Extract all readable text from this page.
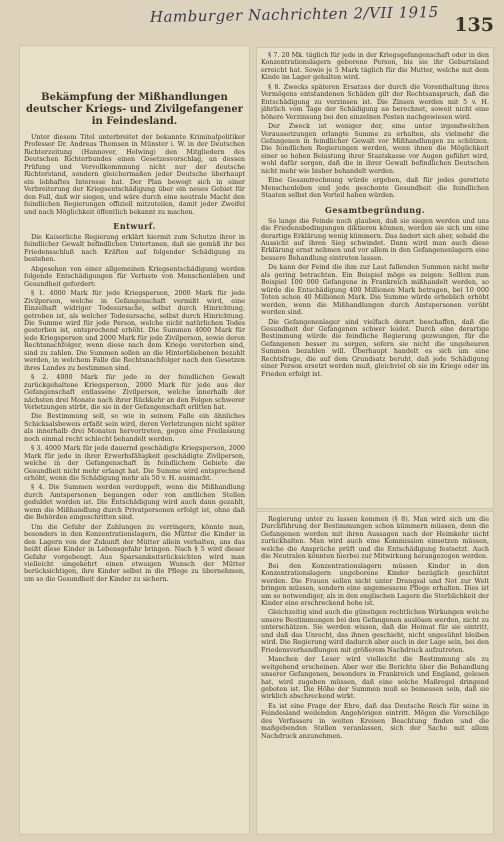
Hamburger Nachrichten 2/VII 1915 135
Bekämpfung der Mißhandlungen deutscher Kriegs- und Zivilgefangener in Feindesland.

Unter diesem Titel unterbreitet der bekannte Kriminalpolitiker Professor Dr. Andreas Thomsen in Münster i. W. in der Deutschen Richterzeitung (Hannover, Helwing) den Mitgliedern des Deutschen Richterbundes einen Gesetzesvorschlag, an dessen Prüfung und Vervollkommnung nicht nur der deutsche Richterstand, sondern gleichermaßen jeder Deutsche überhaupt ein lebhaftes Interesse hat. Der Plan bewegt sich in einer Verbreiterung der Kriegsentschädigung über ein neues Gebiet für den Fall, daß wir siegen, und wäre durch eine neutrale Macht den feindlichen Regierungen offiziell mitzuteilen, damit jeder Zweifel und nach Möglichkeit öffentlich bekannt zu machen.

Entwurf.

Die Kaiserliche Regierung erklärt hiermit zum Schutze ihrer in feindlicher Gewalt befindlichen Untertanen, daß sie gemäß ihr bei Friedensschluß nach Kräften auf folgender Schädigung zu bestehen.

Abgesehen von einer allgemeinen Kriegsentschädigung werden folgende Entschädigungen für Verluste von Menschenleben und Gesundheit gefordert:

§ 1. 4000 Mark für jede Kriegsperson, 2000 Mark für jede Zivilperson, welche in Gefangenschaft vermißt wird, eine Einzelhaft widriger Todesursache, selbst durch Hinrichtung, getroben ist, als welcher Todesursache, selbst durch Hinrichtung. Die Summe wird für jede Person, welche nicht natürlichen Todes gestorben ist, entsprechend erhöht. Die Summen 4000 Mark für jede Kriegsperson und 2000 Mark für jede Zivilperson, sowie deren Rechtsnachfolger, wenn diese nach dem Kriege verstorben sind, sind zu zahlen. Die Summen sollen an die Hinterbliebenen bezahlt werden, in welchem Falle die Rechtsnachfolger nach den Gesetzen ihres Landes zu bestimmen sind.

§ 2. 4000 Mark für jede in der feindlichen Gewalt zurückgehaltene Kriegsperson, 2000 Mark für jede aus der Gefangenschaft entlassene Zivilperson, welche innerhalb der nächsten drei Monate nach ihrer Rückkehr an den Folgen schwerer Verletzungen stirbt, die sie in der Gefangenschaft erlitten hat.

Die Bestimmung soll, so wie in seinem Falle ein ähnliches Schicksalsbeweis erfaßt sein wird, deren Verletzungen nicht später als innerhalb drei Monaten hervortreten, gegen eine Freilassung noch einmal recht schlecht behandelt werden.

§ 3. 4000 Mark für jede dauernd geschädigte Kriegsperson, 2000 Mark für jede in ihrer Erwerbsfähigkeit geschädigte Zivilperson, welche in der Gefangenschaft in feindlichem Gebiete die Gesundheit nicht mehr erlangt hat. Die Summe wird entsprechend erhöht, wenn die Schädigung mehr als 50 v. H. ausmacht.

§ 4. Die Summen werden verdoppelt, wenn die Mißhandlung durch Amtspersonen begangen oder von amtlichen Stellen geduldet worden ist. Die Entschädigung wird auch dann gezahlt, wenn die Mißhandlung durch Privatpersonen erfolgt ist, ohne daß die Behörden eingeschritten sind.

Um die Gefahr der Zahlungen zu verringern, könnte man, besonders in den Konzentrationslagern, die Mütter die Kinder in den Lagern von der Zukunft der Mütter allein verhalten, ans das heißt diese Kinder in Lebensgefahr bringen. Nach § 5 wird dieser Gefahr vorgebeugt. Aus Sparsamkeitsrücksichten wird man vielleicht umgekehrt einen etwaigen Wunsch der Mütter berücksichtigen, ihre Kinder selbst in die Pflege zu übernehmen, um so die Gesundheit der Kinder zu sichern.

§ 7. 20 Mk. täglich für jede in der Kriegsgefangenschaft oder in den Konzentrationslagern geborene Person, bis sie ihr Geburtsland erreicht hat. Sowie je 5 Mark täglich für die Mutter, welche mit dem Kinde im Lager gehalten wird.

§ 8. Zwecks späteren Ersatzes der durch die Vorenthaltung ihres Vermögens entstandenen Schäden gilt der Rechtsanspruch, daß die Entschädigung zu verzinsen ist. Die Zinsen werden mit 5 v. H. jährlich vom Tage der Schädigung an berechnet, soweit nicht eine höhere Verzinsung bei den einzelnen Posten nachgewiesen wird.

Der Zweck ist weniger der, eine unter irgendwelchen Voraussetzungen erlangte Summe zu erhalten, als vielmehr die Gefangenen in feindlicher Gewalt vor Mißhandlungen zu schützen. Die feindlichen Regierungen werden, wenn ihnen die Möglichkeit einer so hohen Belastung ihrer Staatskasse vor Augen geführt wird, wohl dafür sorgen, daß die in ihrer Gewalt befindlichen Deutschen nicht mehr wie bisher behandelt werden.

Eine Gesamtrechnung würde ergeben, daß für jedes gerettete Menschenleben und jede geschonte Gesundheit die feindlichen Staaten selbst den Vorteil haben würden.

Gesamtbegründung.

So lange die Feinde noch glauben, daß sie siegen werden und uns die Friedensbedingungen diktieren können, werden sie sich um eine derartige Erklärung wenig kümmern. Das ändert sich aber, sobald die Aussicht auf ihren Sieg schwindet. Dann wird man auch diese Erklärung ernst nehmen und vor allem in den Gefangenenlagern eine bessere Behandlung eintreten lassen.

Da kann der Feind die ihm zur Last fallenden Summen nicht mehr als gering betrachten. Ein Beispiel möge es zeigen: Sollten zum Beispiel 100 000 Gefangene in Frankreich mißhandelt werden, so würde die Entschädigung 400 Millionen Mark betragen, bei 10 000 Toten schon 40 Millionen Mark. Die Summe würde erheblich erhöht werden, wenn die Mißhandlungen durch Amtspersonen verübt worden sind.

Die Gefangenenlager sind vielfach derart beschaffen, daß die Gesundheit der Gefangenen schwer leidet. Durch eine derartige Bestimmung würde die feindliche Regierung gezwungen, für die Gefangenen besser zu sorgen, sofern sie nicht die ungeheuren Summen bezahlen will. Überhaupt handelt es sich um eine Rechtsfrage, die auf dem Grundsatz beruht, daß jede Schädigung einer Person ersetzt werden muß, gleichviel ob sie im Kriege oder im Frieden erfolgt ist.

Regierung unter zu lassen kommen (§ 8). Man wird sich um die Durchführung der Bestimmungen schon kümmern müssen, denn die Gefangenen werden mit ihren Aussagen nach der Heimkehr nicht zurückhalten. Man wird auch eine Kommission einsetzen müssen, welche die Ansprüche prüft und die Entschädigung festsetzt. Auch die Neutralen könnten hierbei zur Mitwirkung herangezogen werden.

Bei den Konzentrationslagern müssen Kinder in den Konzentrationslagern ungeborene Kinder bezüglich geschützt werden. Die Frauen sollen nicht unter Drangsal und Not zur Welt bringen müssen, sondern eine angemessene Pflege erhalten. Dies ist um so notwendiger, als in den englischen Lagern die Sterblichkeit der Kinder eine erschreckend hohe ist.

Gleichzeitig sind auch die günstigen rechtlichen Wirkungen welche unsere Bestimmungen bei den Gefangenen auslösen werden, nicht zu unterschätzen. Sie werden wissen, daß die Heimat für sie eintritt, und daß das Unrecht, das ihnen geschieht, nicht ungesühnt bleiben wird. Die Regierung wird dadurch aber auch in der Lage sein, bei den Friedensverhandlungen mit größerem Nachdruck aufzutreten.

Manchen der Leser wird vielleicht die Bestimmung als zu weitgehend erscheinen. Aber wer die Berichte über die Behandlung unserer Gefangenen, besonders in Frankreich und England, gelesen hat, wird zugeben müssen, daß eine solche Maßregel dringend geboten ist. Die Höhe der Summen muß so bemessen sein, daß sie wirklich abschreckend wirkt.

Es ist eine Frage der Ehre, daß das Deutsche Reich für seine in Feindesland weilenden Angehörigen eintritt. Mögen die Vorschläge des Verfassers in weiten Kreisen Beachtung finden und die maßgebenden Stellen veranlassen, sich der Sache mit allem Nachdruck anzunehmen.
